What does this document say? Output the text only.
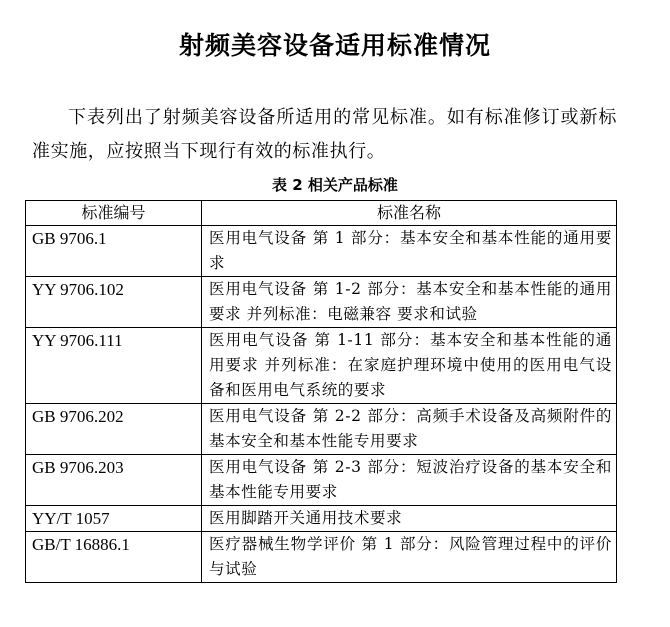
射频美容设备适用标准情况
下表列出了射频美容设备所适用的常见标准。如有标准修订或新标准实施，应按照当下现行有效的标准执行。
表 2 相关产品标准
标准编号	标准名称
GB 9706.1	医用电气设备 第 1 部分：基本安全和基本性能的通用要求
YY 9706.102	医用电气设备 第 1-2 部分：基本安全和基本性能的通用要求 并列标准：电磁兼容 要求和试验
YY 9706.111	医用电气设备 第 1-11 部分：基本安全和基本性能的通用要求 并列标准：在家庭护理环境中使用的医用电气设备和医用电气系统的要求
GB 9706.202	医用电气设备 第 2-2 部分：高频手术设备及高频附件的基本安全和基本性能专用要求
GB 9706.203	医用电气设备 第 2-3 部分：短波治疗设备的基本安全和基本性能专用要求
YY/T 1057	医用脚踏开关通用技术要求
GB/T 16886.1	医疗器械生物学评价 第 1 部分：风险管理过程中的评价与试验
